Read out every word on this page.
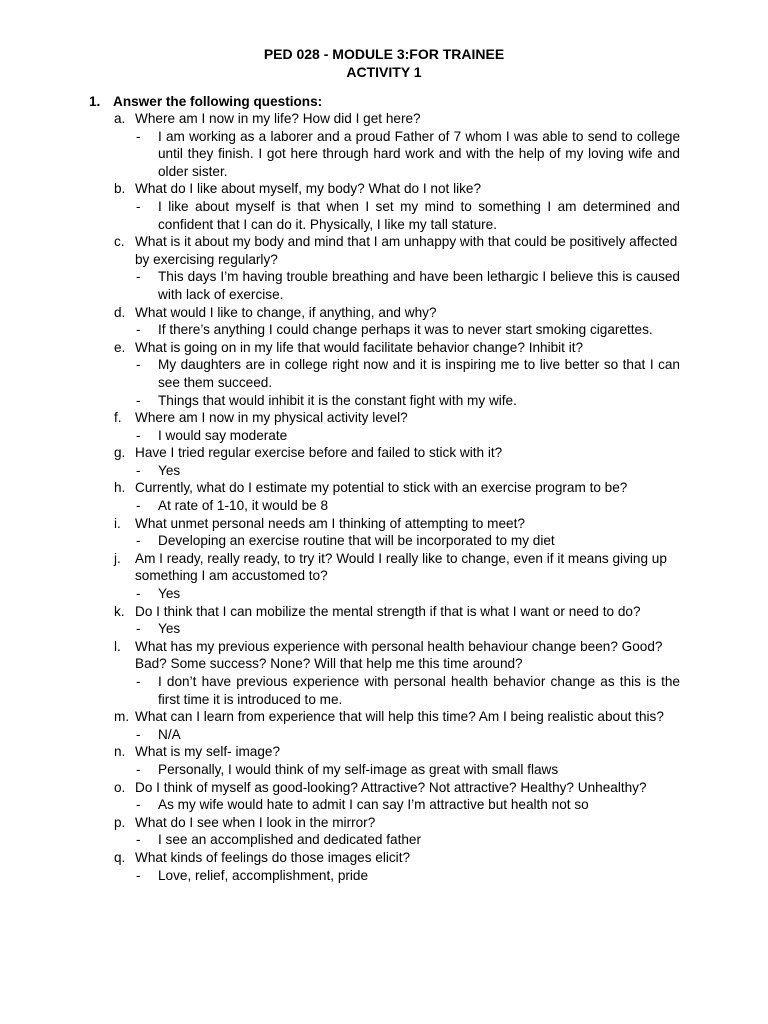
PED 028 - MODULE 3:FOR TRAINEE
ACTIVITY 1
1. Answer the following questions:
a. Where am I now in my life? How did I get here?
- I am working as a laborer and a proud Father of 7 whom I was able to send to college until they finish. I got here through hard work and with the help of my loving wife and older sister.
b. What do I like about myself, my body? What do I not like?
- I like about myself is that when I set my mind to something I am determined and confident that I can do it. Physically, I like my tall stature.
c. What is it about my body and mind that I am unhappy with that could be positively affected by exercising regularly?
- This days I’m having trouble breathing and have been lethargic I believe this is caused with lack of exercise.
d. What would I like to change, if anything, and why?
- If there’s anything I could change perhaps it was to never start smoking cigarettes.
e. What is going on in my life that would facilitate behavior change? Inhibit it?
- My daughters are in college right now and it is inspiring me to live better so that I can see them succeed.
- Things that would inhibit it is the constant fight with my wife.
f. Where am I now in my physical activity level?
- I would say moderate
g. Have I tried regular exercise before and failed to stick with it?
- Yes
h. Currently, what do I estimate my potential to stick with an exercise program to be?
- At rate of 1-10, it would be 8
i. What unmet personal needs am I thinking of attempting to meet?
- Developing an exercise routine that will be incorporated to my diet
j. Am I ready, really ready, to try it? Would I really like to change, even if it means giving up something I am accustomed to?
- Yes
k. Do I think that I can mobilize the mental strength if that is what I want or need to do?
- Yes
l. What has my previous experience with personal health behaviour change been? Good? Bad? Some success? None? Will that help me this time around?
- I don’t have previous experience with personal health behavior change as this is the first time it is introduced to me.
m. What can I learn from experience that will help this time? Am I being realistic about this?
- N/A
n. What is my self- image?
- Personally, I would think of my self-image as great with small flaws
o. Do I think of myself as good-looking? Attractive? Not attractive? Healthy? Unhealthy?
- As my wife would hate to admit I can say I’m attractive but health not so
p. What do I see when I look in the mirror?
- I see an accomplished and dedicated father
q. What kinds of feelings do those images elicit?
- Love, relief, accomplishment, pride
